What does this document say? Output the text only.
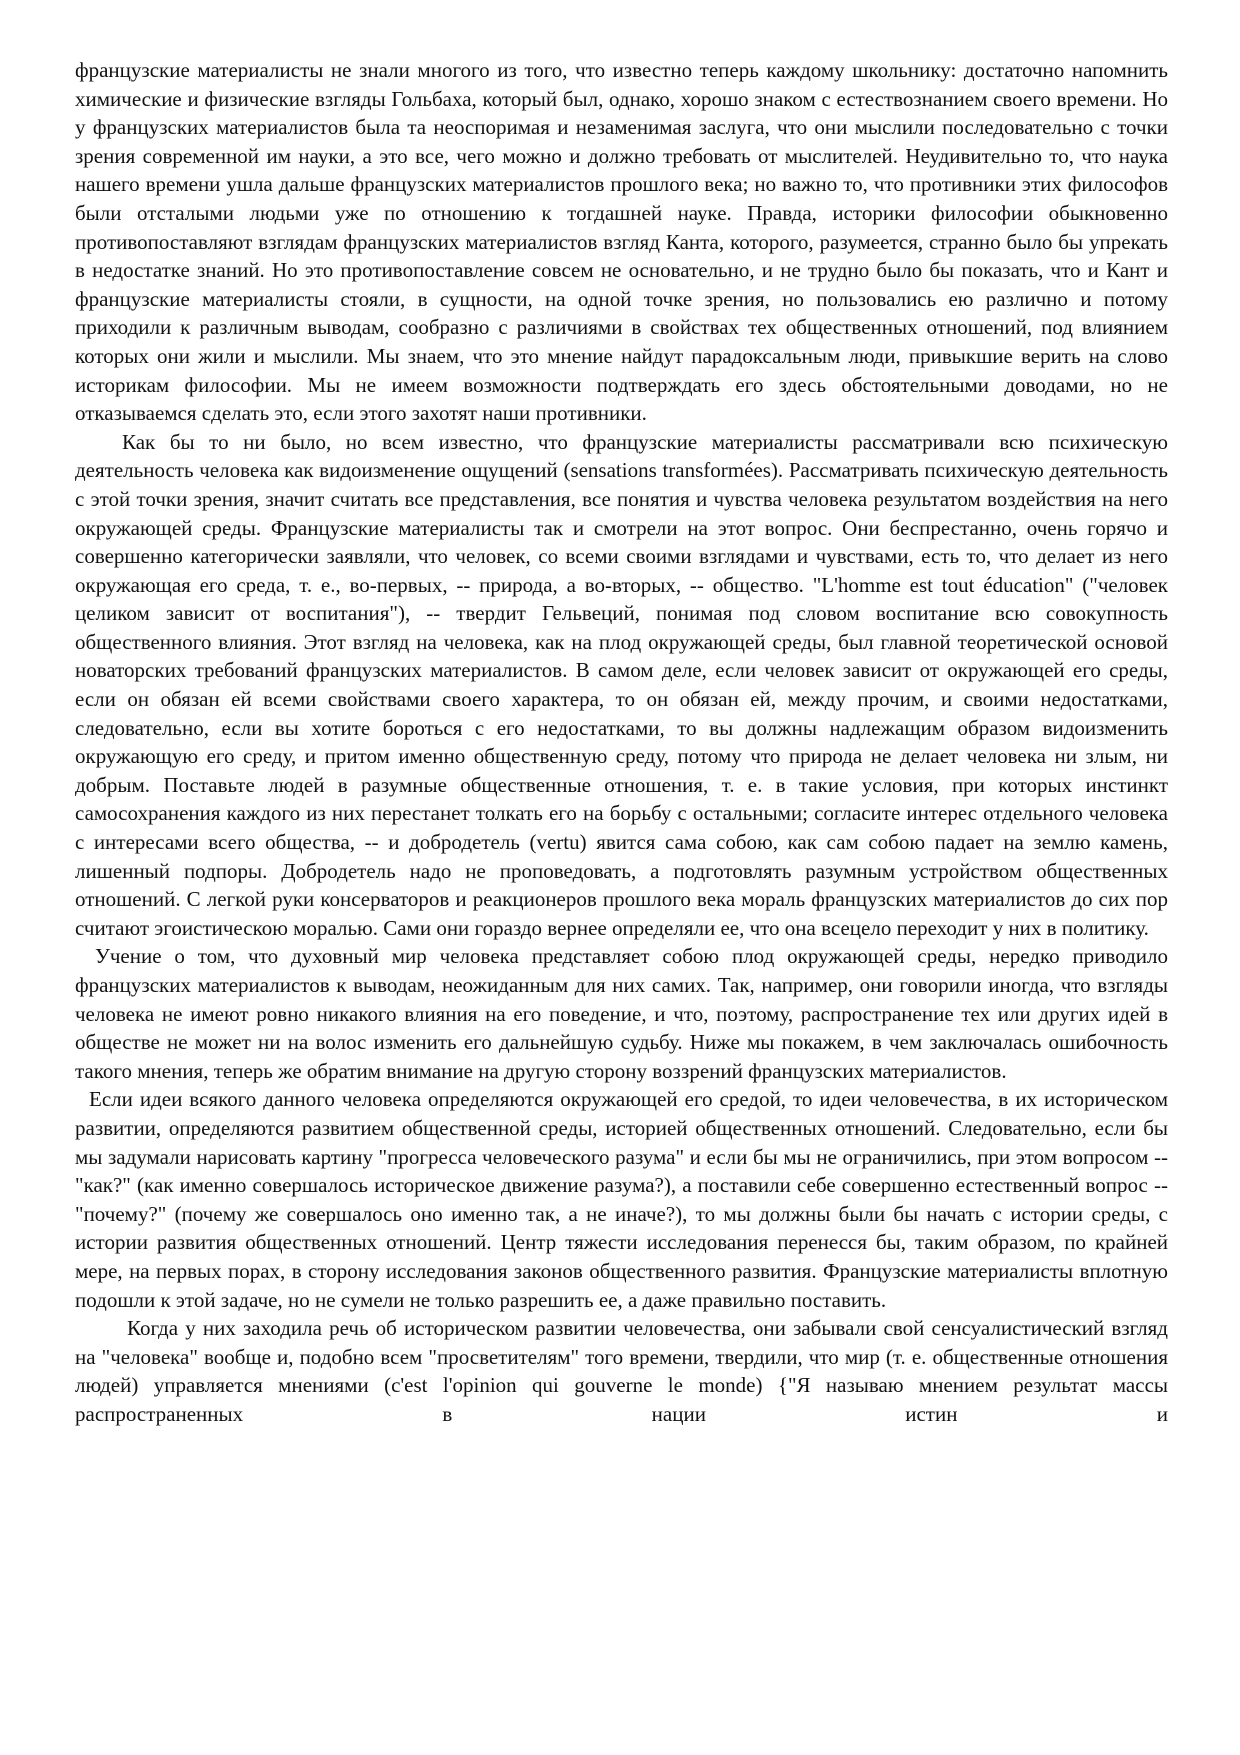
французские материалисты не знали многого из того, что известно теперь каждому школьнику: достаточно напомнить химические и физические взгляды Гольбаха, который был, однако, хорошо знаком с естествознанием своего времени. Но у французских материалистов была та неоспоримая и незаменимая заслуга, что они мыслили последовательно с точки зрения современной им науки, а это все, чего можно и должно требовать от мыслителей. Неудивительно то, что наука нашего времени ушла дальше французских материалистов прошлого века; но важно то, что противники этих философов были отсталыми людьми уже по отношению к тогдашней науке. Правда, историки философии обыкновенно противопоставляют взглядам французских материалистов взгляд Канта, которого, разумеется, странно было бы упрекать в недостатке знаний. Но это противопоставление совсем не основательно, и не трудно было бы показать, что и Кант и французские материалисты стояли, в сущности, на одной точке зрения, но пользовались ею различно и потому приходили к различным выводам, сообразно с различиями в свойствах тех общественных отношений, под влиянием которых они жили и мыслили. Мы знаем, что это мнение найдут парадоксальным люди, привыкшие верить на слово историкам философии. Мы не имеем возможности подтверждать его здесь обстоятельными доводами, но не отказываемся сделать это, если этого захотят наши противники.

Как бы то ни было, но всем известно, что французские материалисты рассматривали всю психическую деятельность человека как видоизменение ощущений (sensations transformées). Рассматривать психическую деятельность с этой точки зрения, значит считать все представления, все понятия и чувства человека результатом воздействия на него окружающей среды. Французские материалисты так и смотрели на этот вопрос. Они беспрестанно, очень горячо и совершенно категорически заявляли, что человек, со всеми своими взглядами и чувствами, есть то, что делает из него окружающая его среда, т. е., во-первых, -- природа, а во-вторых, -- общество. "L'homme est tout éducation" ("человек целиком зависит от воспитания"), -- твердит Гельвеций, понимая под словом воспитание всю совокупность общественного влияния. Этот взгляд на человека, как на плод окружающей среды, был главной теоретической основой новаторских требований французских материалистов. В самом деле, если человек зависит от окружающей его среды, если он обязан ей всеми свойствами своего характера, то он обязан ей, между прочим, и своими недостатками, следовательно, если вы хотите бороться с его недостатками, то вы должны надлежащим образом видоизменить окружающую его среду, и притом именно общественную среду, потому что природа не делает человека ни злым, ни добрым. Поставьте людей в разумные общественные отношения, т. е. в такие условия, при которых инстинкт самосохранения каждого из них перестанет толкать его на борьбу с остальными; согласите интерес отдельного человека с интересами всего общества, -- и добродетель (vertu) явится сама собою, как сам собою падает на землю камень, лишенный подпоры. Добродетель надо не проповедовать, а подготовлять разумным устройством общественных отношений. С легкой руки консерваторов и реакционеров прошлого века мораль французских материалистов до сих пор считают эгоистическою моралью. Сами они гораздо вернее определяли ее, что она всецело переходит у них в политику.

Учение о том, что духовный мир человека представляет собою плод окружающей среды, нередко приводило французских материалистов к выводам, неожиданным для них самих. Так, например, они говорили иногда, что взгляды человека не имеют ровно никакого влияния на его поведение, и что, поэтому, распространение тех или других идей в обществе не может ни на волос изменить его дальнейшую судьбу. Ниже мы покажем, в чем заключалась ошибочность такого мнения, теперь же обратим внимание на другую сторону воззрений французских материалистов.

Если идеи всякого данного человека определяются окружающей его средой, то идеи человечества, в их историческом развитии, определяются развитием общественной среды, историей общественных отношений. Следовательно, если бы мы задумали нарисовать картину "прогресса человеческого разума" и если бы мы не ограничились, при этом вопросом -- "как?" (как именно совершалось историческое движение разума?), а поставили себе совершенно естественный вопрос -- "почему?" (почему же совершалось оно именно так, а не иначе?), то мы должны были бы начать с истории среды, с истории развития общественных отношений. Центр тяжести исследования перенесся бы, таким образом, по крайней мере, на первых порах, в сторону исследования законов общественного развития. Французские материалисты вплотную подошли к этой задаче, но не сумели не только разрешить ее, а даже правильно поставить.

Когда у них заходила речь об историческом развитии человечества, они забывали свой сенсуалистический взгляд на "человека" вообще и, подобно всем "просветителям" того времени, твердили, что мир (т. е. общественные отношения людей) управляется мнениями (c'est l'opinion qui gouverne le monde) {"Я называю мнением результат массы распространенных в нации истин и
